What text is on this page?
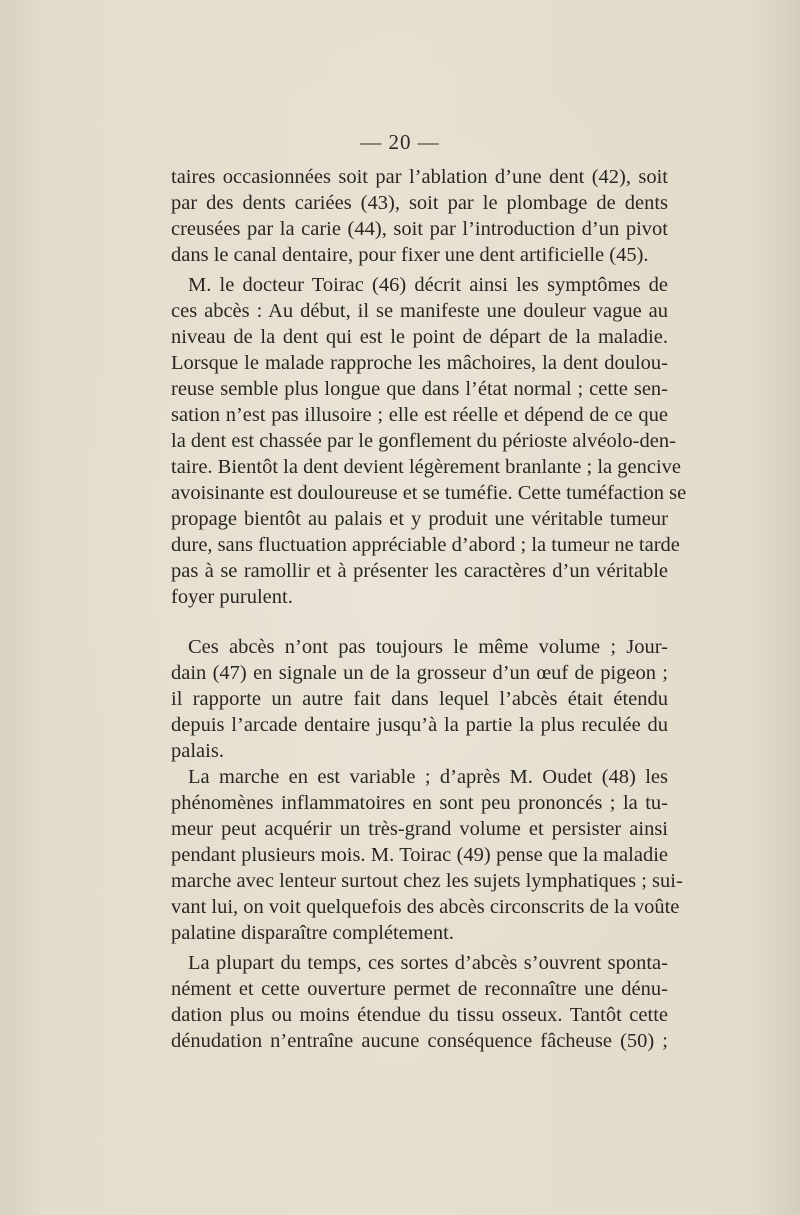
— 20 —
taires occasionnées soit par l’ablation d’une dent (42), soit
par des dents cariées (43), soit par le plombage de dents
creusées par la carie (44), soit par l’introduction d’un pivot
dans le canal dentaire, pour fixer une dent artificielle (45).
M. le docteur Toirac (46) décrit ainsi les symptômes de
ces abcès : Au début, il se manifeste une douleur vague au
niveau de la dent qui est le point de départ de la maladie.
Lorsque le malade rapproche les mâchoires, la dent doulou-
reuse semble plus longue que dans l’état normal ; cette sen-
sation n’est pas illusoire ; elle est réelle et dépend de ce que
la dent est chassée par le gonflement du périoste alvéolo-den-
taire. Bientôt la dent devient légèrement branlante ; la gencive
avoisinante est douloureuse et se tuméfie. Cette tuméfaction se
propage bientôt au palais et y produit une véritable tumeur
dure, sans fluctuation appréciable d’abord ; la tumeur ne tarde
pas à se ramollir et à présenter les caractères d’un véritable
foyer purulent.
Ces abcès n’ont pas toujours le même volume ; Jour-
dain (47) en signale un de la grosseur d’un œuf de pigeon ;
il rapporte un autre fait dans lequel l’abcès était étendu
depuis l’arcade dentaire jusqu’à la partie la plus reculée du
palais.
La marche en est variable ; d’après M. Oudet (48) les
phénomènes inflammatoires en sont peu prononcés ; la tu-
meur peut acquérir un très-grand volume et persister ainsi
pendant plusieurs mois. M. Toirac (49) pense que la maladie
marche avec lenteur surtout chez les sujets lymphatiques ; sui-
vant lui, on voit quelquefois des abcès circonscrits de la voûte
palatine disparaître complétement.
La plupart du temps, ces sortes d’abcès s’ouvrent sponta-
nément et cette ouverture permet de reconnaître une dénu-
dation plus ou moins étendue du tissu osseux. Tantôt cette
dénudation n’entraîne aucune conséquence fâcheuse (50) ;
